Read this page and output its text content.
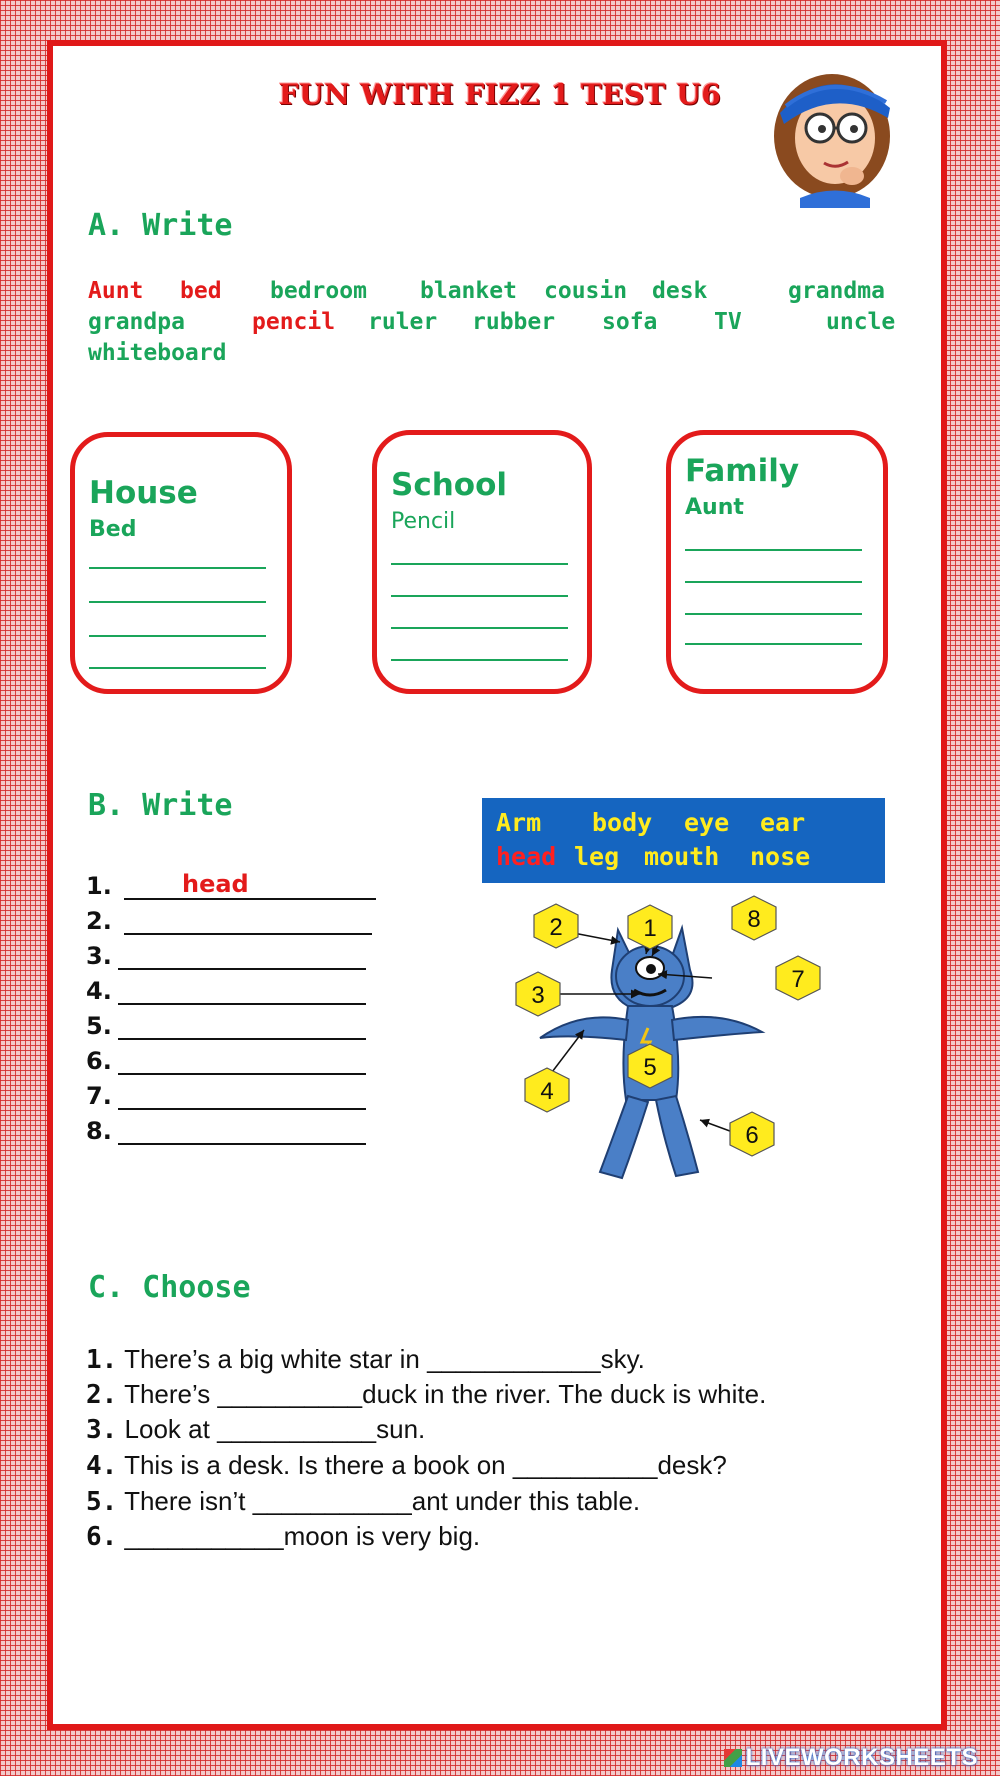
FUN WITH FIZZ 1 TEST U6
A. Write
Aunt bed bedroom blanket cousin desk	grandma
grandpa	pencil ruler rubber sofa TV	uncle
whiteboard
House
Bed
School
Pencil
Family
Aunt
B. Write
1.	head
2.
3.
4.
5.
6.
7.
8.
Arm body eye ear
head leg mouth nose
1
2
3
4
5
6
7
8
C. Choose
1. There’s a big white star in ____________sky.
2. There’s __________duck in the river. The duck is white.
3. Look at ___________sun.
4. This is a desk. Is there a book on __________desk?
5. There isn’t ___________ant under this table.
6. ___________moon is very big.
LIVEWORKSHEETS
